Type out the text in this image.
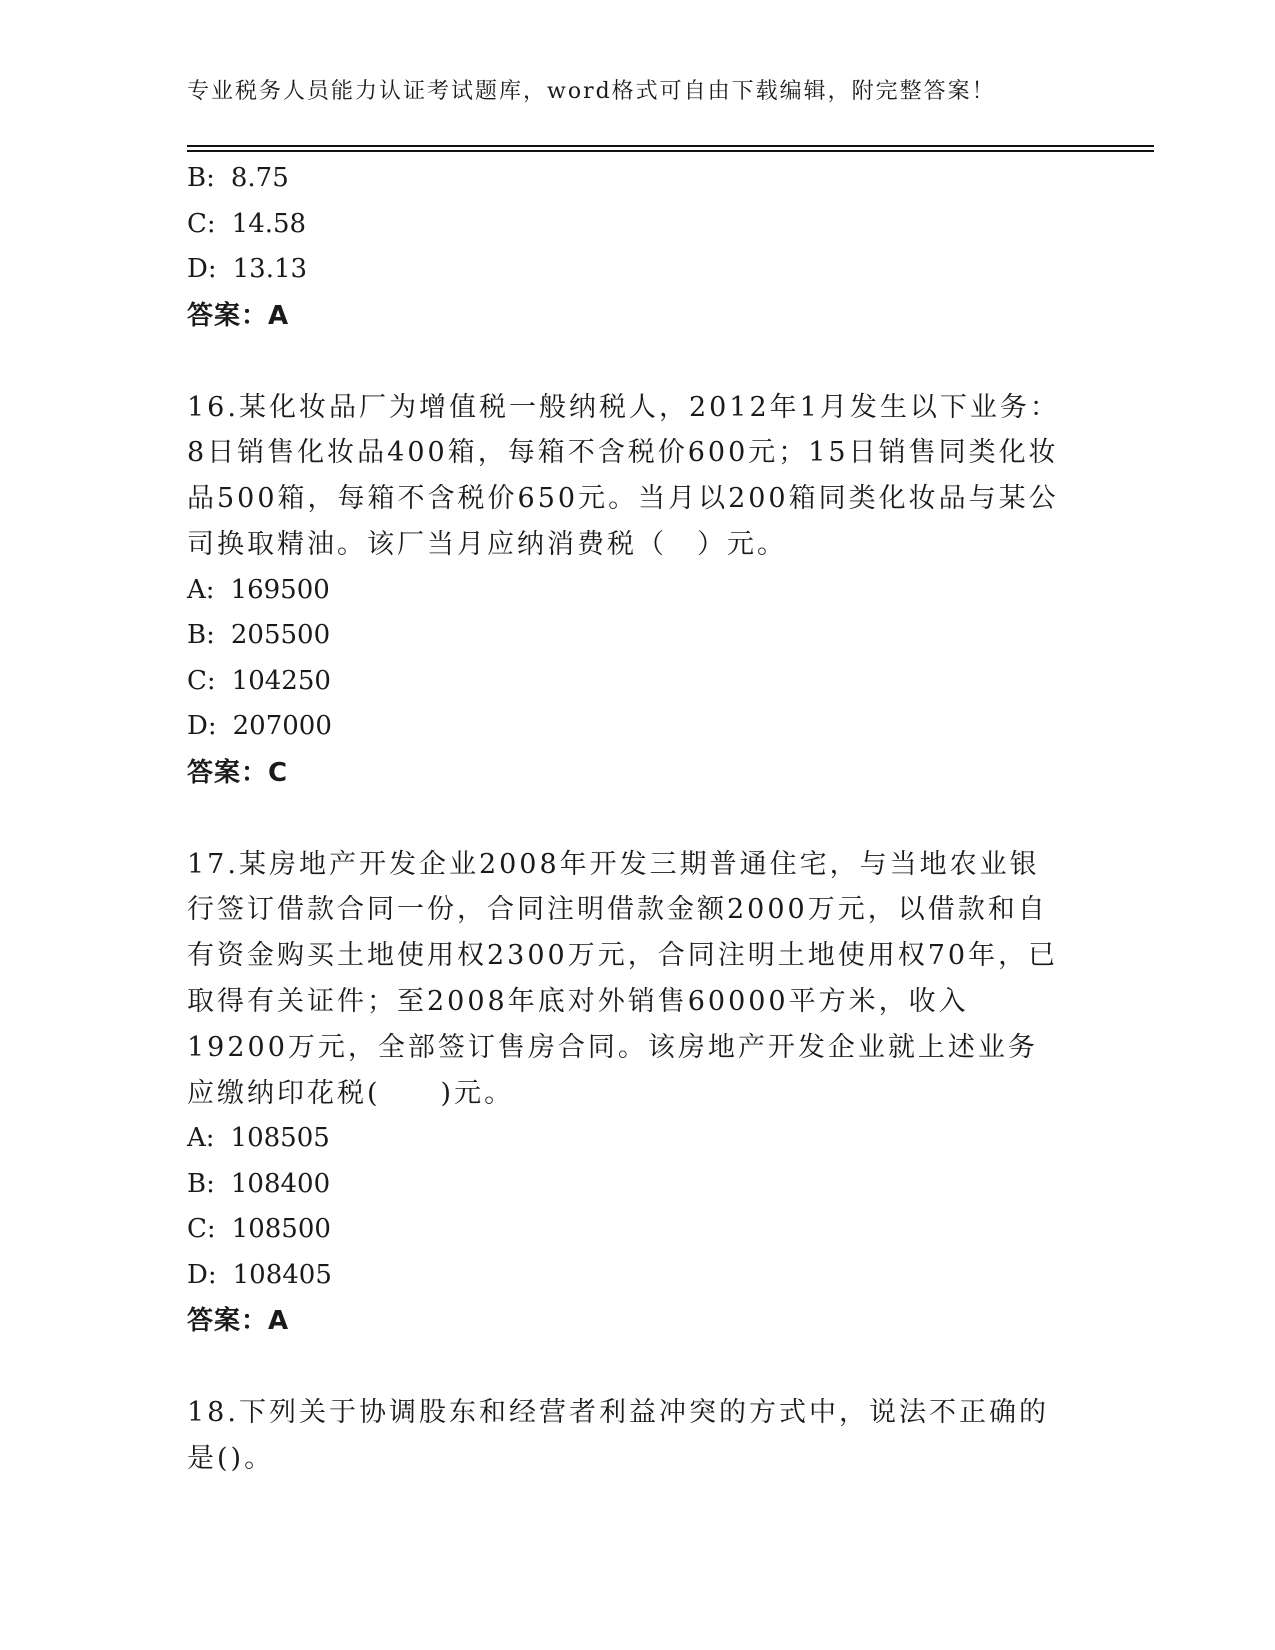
专业税务人员能力认证考试题库，word格式可自由下载编辑，附完整答案！
B: 8.75
C: 14.58
D: 13.13
答案：A
16.某化妆品厂为增值税一般纳税人，2012年1月发生以下业务：8日销售化妆品400箱，每箱不含税价600元；15日销售同类化妆品500箱，每箱不含税价650元。当月以200箱同类化妆品与某公司换取精油。该厂当月应纳消费税（　）元。
A: 169500
B: 205500
C: 104250
D: 207000
答案：C
17.某房地产开发企业2008年开发三期普通住宅，与当地农业银行签订借款合同一份，合同注明借款金额2000万元，以借款和自有资金购买土地使用权2300万元，合同注明土地使用权70年，已取得有关证件；至2008年底对外销售60000平方米，收入19200万元，全部签订售房合同。该房地产开发企业就上述业务应缴纳印花税(　　)元。
A: 108505
B: 108400
C: 108500
D: 108405
答案：A
18.下列关于协调股东和经营者利益冲突的方式中，说法不正确的是()。
